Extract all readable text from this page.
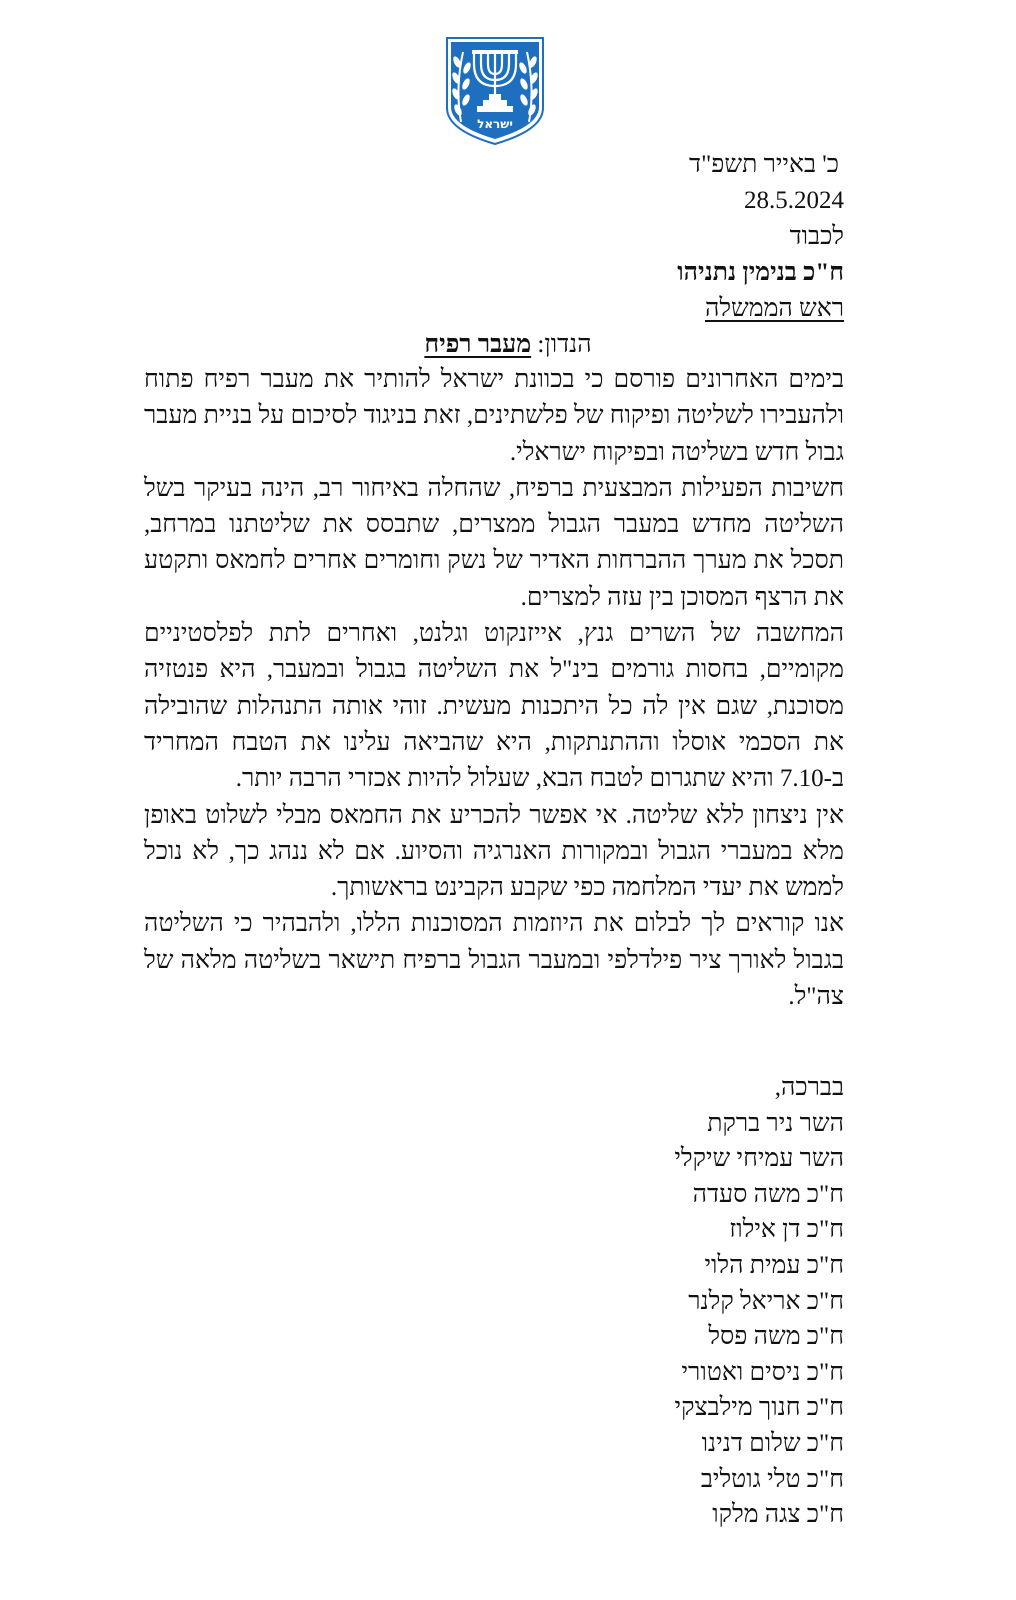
ישראל
כ' באייר תשפ"ד
28.5.2024
לכבוד
ח"כ בנימין נתניהו
ראש הממשלה
הנדון: מעבר רפיח

בימים האחרונים פורסם כי בכוונת ישראל להותיר את מעבר רפיח פתוח ולהעבירו לשליטה ופיקוח של פלשתינים, זאת בניגוד לסיכום על בניית מעבר גבול חדש בשליטה ובפיקוח ישראלי.

חשיבות הפעילות המבצעית ברפיח, שהחלה באיחור רב, הינה בעיקר בשל השליטה מחדש במעבר הגבול ממצרים, שתבסס את שליטתנו במרחב, תסכל את מערך ההברחות האדיר של נשק וחומרים אחרים לחמאס ותקטע את הרצף המסוכן בין עזה למצרים.

המחשבה של השרים גנץ, אייזנקוט וגלנט, ואחרים לתת לפלסטיניים מקומיים, בחסות גורמים בינ"ל את השליטה בגבול ובמעבר, היא פנטזיה מסוכנת, שגם אין לה כל היתכנות מעשית. זוהי אותה התנהלות שהובילה את הסכמי אוסלו וההתנתקות, היא שהביאה עלינו את הטבח המחריד ב-7.10 והיא שתגרום לטבח הבא, שעלול להיות אכזרי הרבה יותר.

אין ניצחון ללא שליטה. אי אפשר להכריע את החמאס מבלי לשלוט באופן מלא במעברי הגבול ובמקורות האנרגיה והסיוע. אם לא ננהג כך, לא נוכל לממש את יעדי המלחמה כפי שקבע הקבינט בראשותך.

אנו קוראים לך לבלום את היוזמות המסוכנות הללו, ולהבהיר כי השליטה בגבול לאורך ציר פילדלפי ובמעבר הגבול ברפיח תישאר בשליטה מלאה של צה"ל.

בברכה,
השר ניר ברקת
השר עמיחי שיקלי
ח"כ משה סעדה
ח"כ דן אילוז
ח"כ עמית הלוי
ח"כ אריאל קלנר
ח"כ משה פסל
ח"כ ניסים ואטורי
ח"כ חנוך מילבצקי
ח"כ שלום דנינו
ח"כ טלי גוטליב
ח"כ צגה מלקו
